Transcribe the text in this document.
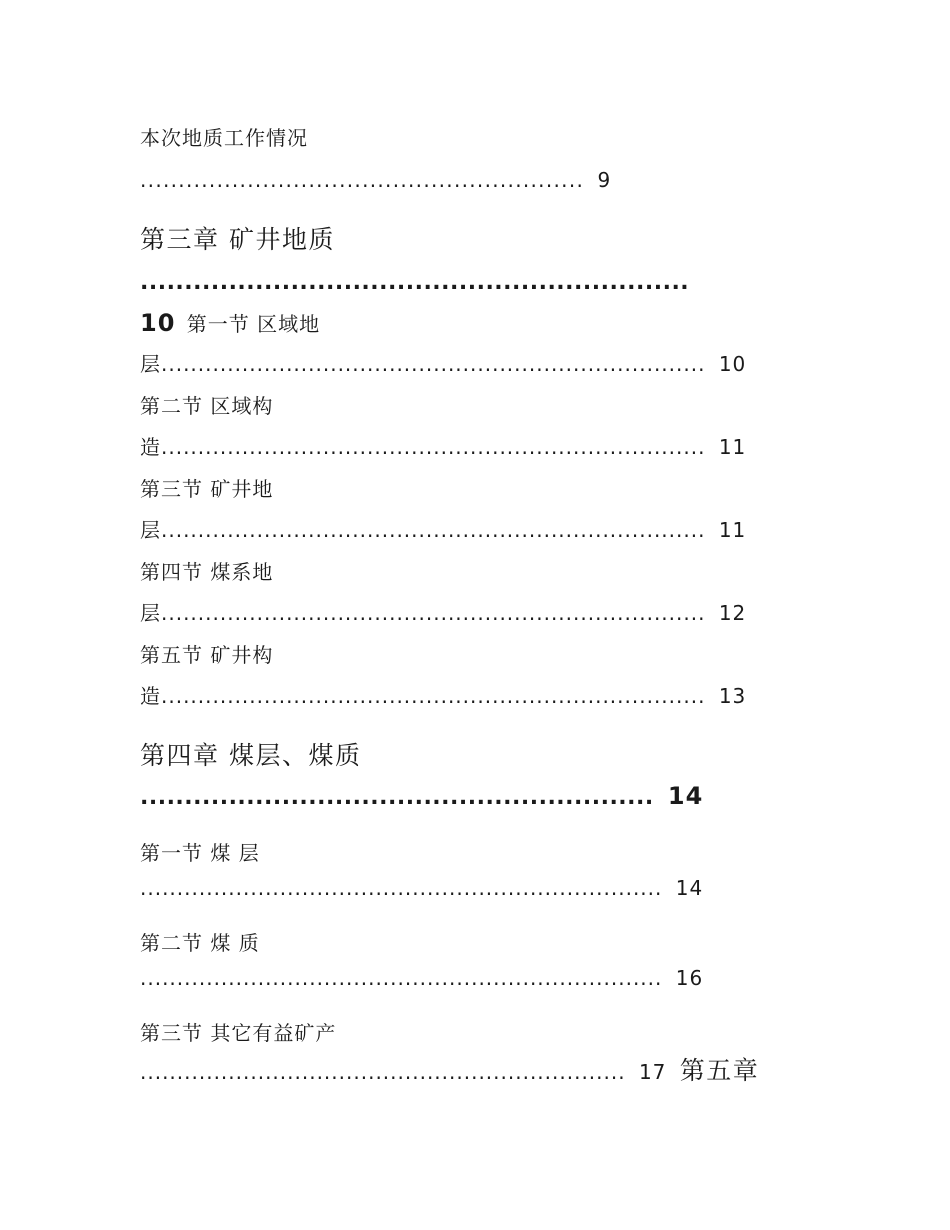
本次地质工作情况
.......................................................... 9
第三章 矿井地质
..............................................................
10 第一节 区域地
层.......................................................................... 10
第二节 区域构
造.......................................................................... 11
第三节 矿井地
层.......................................................................... 11
第四节 煤系地
层.......................................................................... 12
第五节 矿井构
造.......................................................................... 13
第四章 煤层、煤质
.......................................................... 14
第一节 煤 层
....................................................................... 14
第二节 煤 质
....................................................................... 16
第三节 其它有益矿产
.................................................................. 17 第五章
